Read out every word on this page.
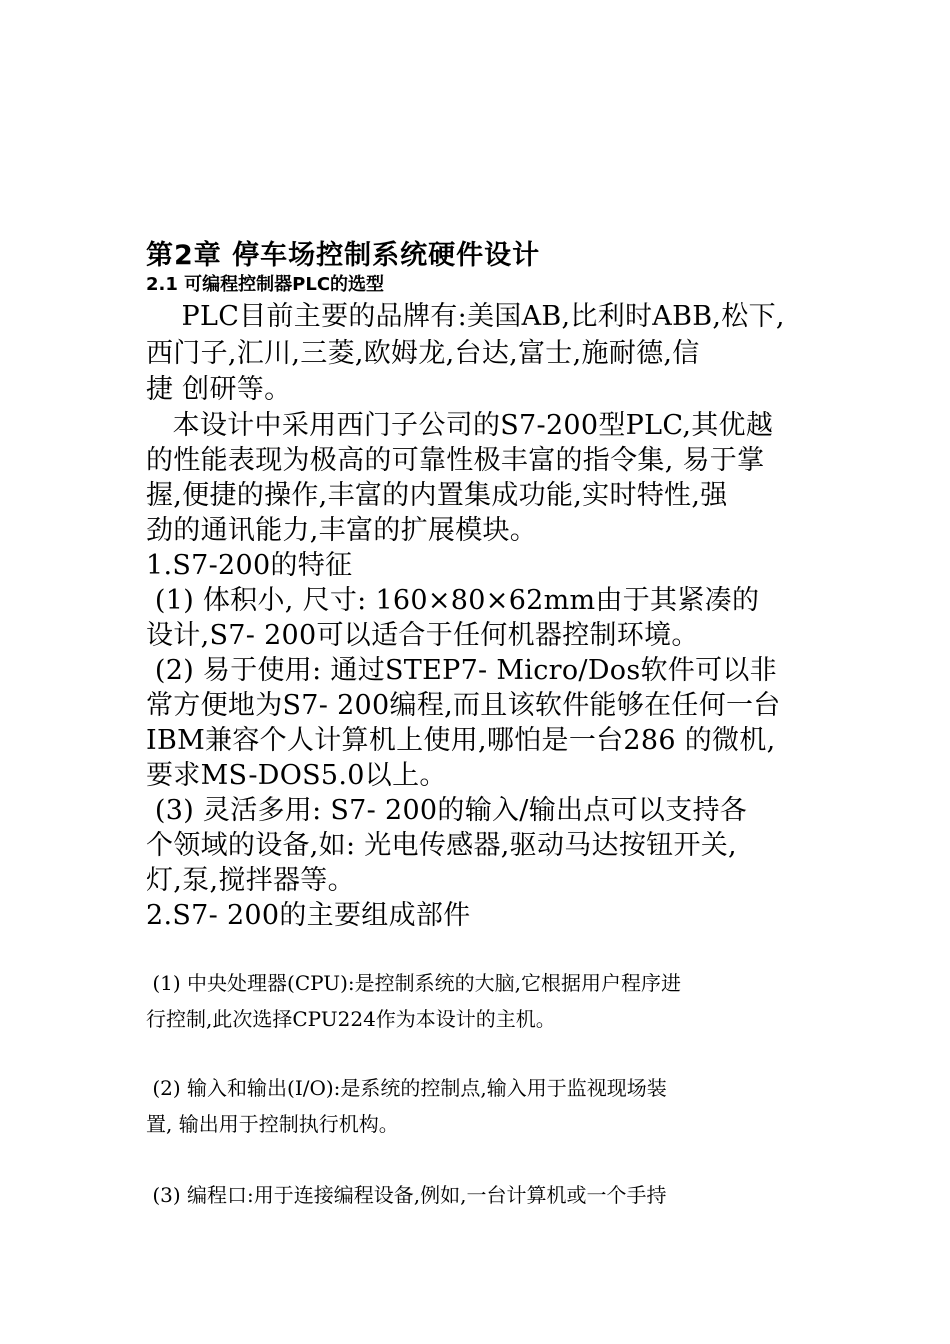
第2章 停车场控制系统硬件设计
2.1 可编程控制器PLC的选型
PLC目前主要的品牌有:美国AB,比利时ABB,松下,
西门子,汇川,三菱,欧姆龙,台达,富士,施耐德,信
捷 创研等。
本设计中采用西门子公司的S7-200型PLC,其优越
的性能表现为极高的可靠性极丰富的指令集, 易于掌
握,便捷的操作,丰富的内置集成功能,实时特性,强
劲的通讯能力,丰富的扩展模块。
1.S7-200的特征
(1) 体积小, 尺寸: 160×80×62mm由于其紧凑的
设计,S7- 200可以适合于任何机器控制环境。
(2) 易于使用: 通过STEP7- Micro/Dos软件可以非
常方便地为S7- 200编程,而且该软件能够在任何一台
IBM兼容个人计算机上使用,哪怕是一台286 的微机,
要求MS-DOS5.0以上。
(3) 灵活多用: S7- 200的输入/输出点可以支持各
个领域的设备,如: 光电传感器,驱动马达按钮开关,
灯,泵,搅拌器等。
2.S7- 200的主要组成部件
(1) 中央处理器(CPU):是控制系统的大脑,它根据用户程序进
行控制,此次选择CPU224作为本设计的主机。
(2) 输入和输出(I/O):是系统的控制点,输入用于监视现场装
置, 输出用于控制执行机构。
(3) 编程口:用于连接编程设备,例如,一台计算机或一个手持
